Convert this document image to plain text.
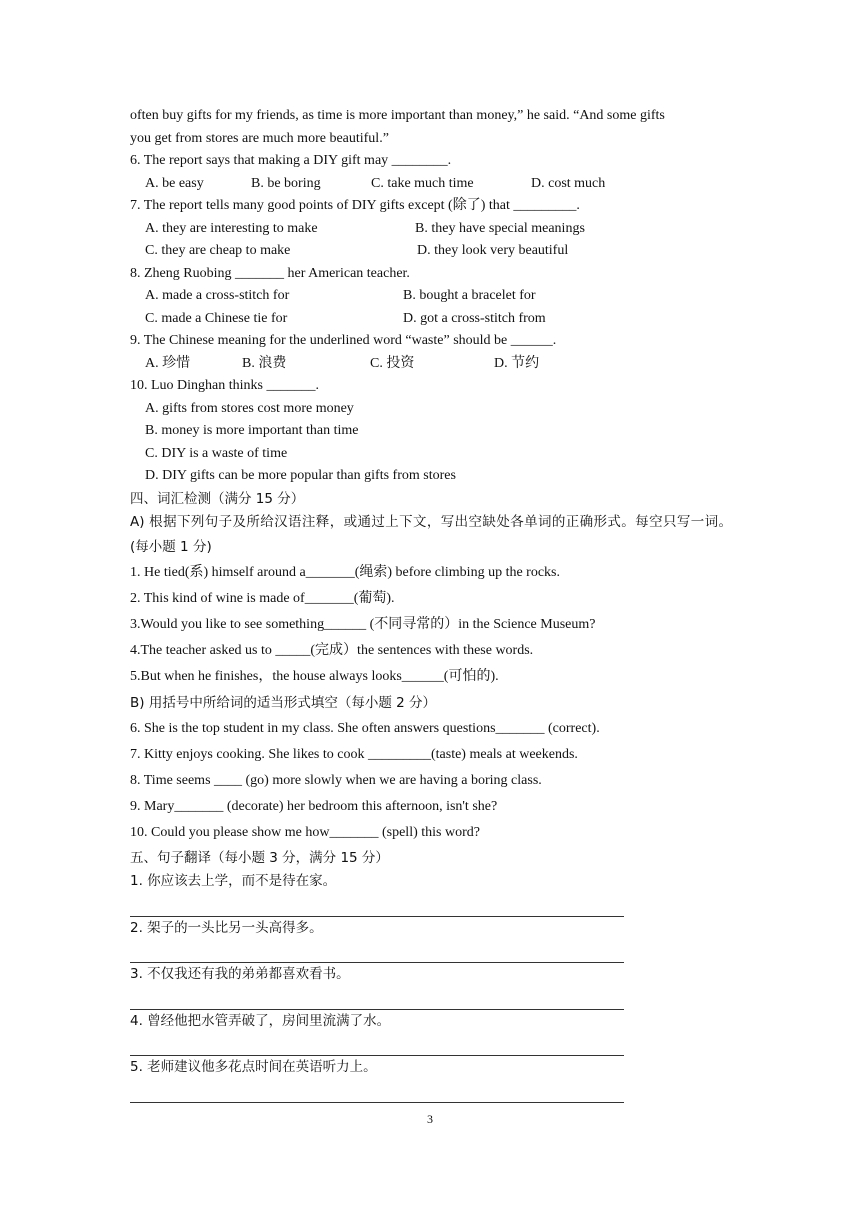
often buy gifts for my friends, as time is more important than money,” he said. “And some gifts

you get from stores are much more beautiful.”

6. The report says that making a DIY gift may ________.

A. be easy	B. be boring	C. take much time	D. cost much

7. The report tells many good points of DIY gifts except (除了) that _________.

A. they are interesting to make	B. they have special meanings
C. they are cheap to make	D. they look very beautiful

8. Zheng Ruobing _______ her American teacher.

A. made a cross-stitch for	B. bought a bracelet for
C. made a Chinese tie for	D. got a cross-stitch from

9. The Chinese meaning for the underlined word “waste” should be ______.

A. 珍惜	B. 浪费	C. 投资	D. 节约

10. Luo Dinghan thinks _______.

A. gifts from stores cost more money

B. money is more important than time

C. DIY is a waste of time

D. DIY gifts can be more popular than gifts from stores

四、词汇检测（满分 15 分）

A) 根据下列句子及所给汉语注释，或通过上下文，写出空缺处各单词的正确形式。每空只写一词。(每小题 1 分)

1. He tied(系) himself around a_______(绳索) before climbing up the rocks.

2. This kind of wine is made of_______(葡萄).

3.Would you like to see something______ (不同寻常的）in the Science Museum?

4.The teacher asked us to _____(完成）the sentences with these words.

5.But when he finishes，the house always looks______(可怕的).

B) 用括号中所给词的适当形式填空（每小题 2 分）

6. She is the top student in my class. She often answers questions_______ (correct).

7. Kitty enjoys cooking. She likes to cook _________(taste) meals at weekends.

8. Time seems ____ (go) more slowly when we are having a boring class.

9. Mary_______ (decorate) her bedroom this afternoon, isn't she?

10. Could you please show me how_______ (spell) this word?

五、句子翻译（每小题 3 分，满分 15 分）

1. 你应该去上学，而不是待在家。

2. 架子的一头比另一头高得多。

3. 不仅我还有我的弟弟都喜欢看书。

4. 曾经他把水管弄破了，房间里流满了水。

5. 老师建议他多花点时间在英语听力上。

3
